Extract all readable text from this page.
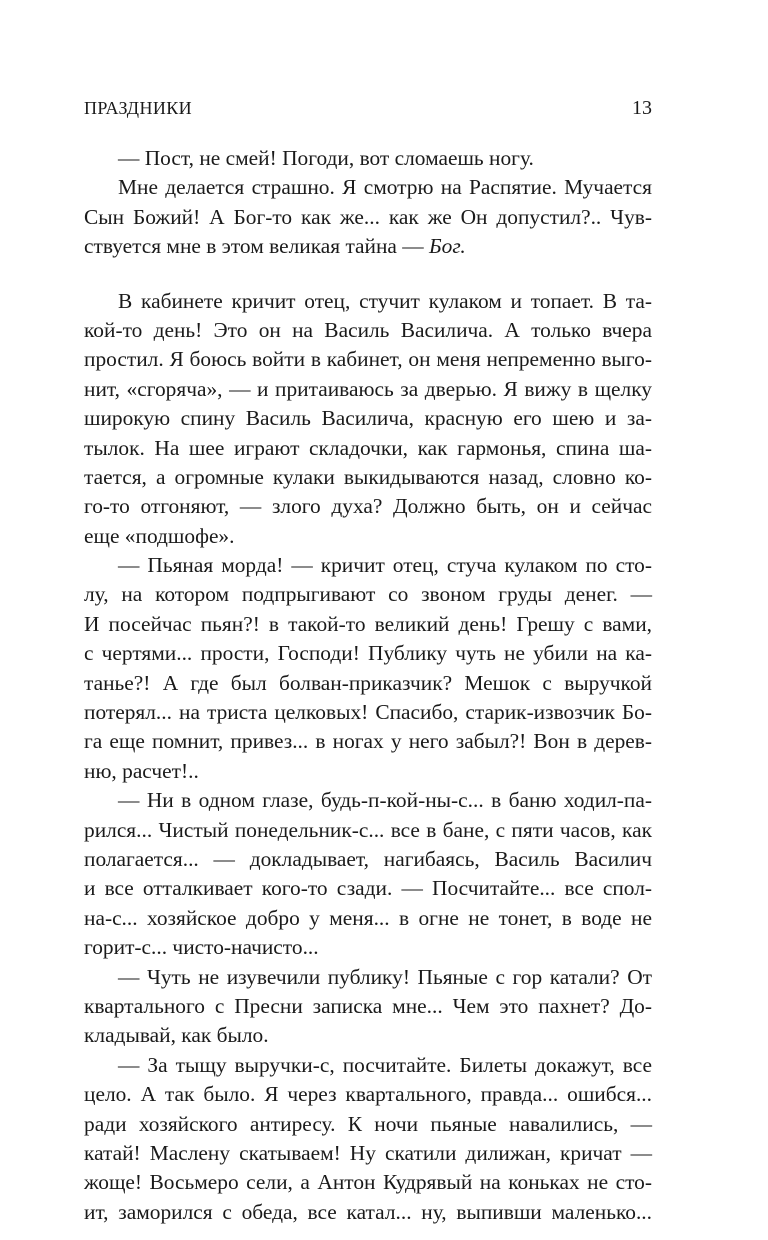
ПРАЗДНИКИ	13
— Пост, не смей! Погоди, вот сломаешь ногу.
Мне делается страшно. Я смотрю на Распятие. Мучается
Сын Божий! А Бог-то как же... как же Он допустил?.. Чув-
ствуется мне в этом великая тайна — Бог.
В кабинете кричит отец, стучит кулаком и топает. В та-
кой-то день! Это он на Василь Василича. А только вчера
простил. Я боюсь войти в кабинет, он меня непременно выго-
нит, «сгоряча», — и притаиваюсь за дверью. Я вижу в щелку
широкую спину Василь Василича, красную его шею и за-
тылок. На шее играют складочки, как гармонья, спина ша-
тается, а огромные кулаки выкидываются назад, словно ко-
го-то отгоняют, — злого духа? Должно быть, он и сейчас
еще «подшофе».
— Пьяная морда! — кричит отец, стуча кулаком по сто-
лу, на котором подпрыгивают со звоном груды денег. —
И посейчас пьян?! в такой-то великий день! Грешу с вами,
с чертями... прости, Господи! Публику чуть не убили на ка-
танье?! А где был болван-приказчик? Мешок с выручкой
потерял... на триста целковых! Спасибо, старик-извозчик Бо-
га еще помнит, привез... в ногах у него забыл?! Вон в дерев-
ню, расчет!..
— Ни в одном глазе, будь-п-кой-ны-с... в баню ходил-па-
рился... Чистый понедельник-с... все в бане, с пяти часов, как
полагается... — докладывает, нагибаясь, Василь Василич
и все отталкивает кого-то сзади. — Посчитайте... все спол-
на-с... хозяйское добро у меня... в огне не тонет, в воде не
горит-с... чисто-начисто...
— Чуть не изувечили публику! Пьяные с гор катали? От
квартального с Пресни записка мне... Чем это пахнет? До-
кладывай, как было.
— За тыщу выручки-с, посчитайте. Билеты докажут, все
цело. А так было. Я через квартального, правда... ошибся...
ради хозяйского антиресу. К ночи пьяные навалились, —
катай! Маслену скатываем! Ну скатили дилижан, кричат —
жоще! Восьмеро сели, а Антон Кудрявый на коньках не сто-
ит, заморился с обеда, все катал... ну, выпивши маленько...
